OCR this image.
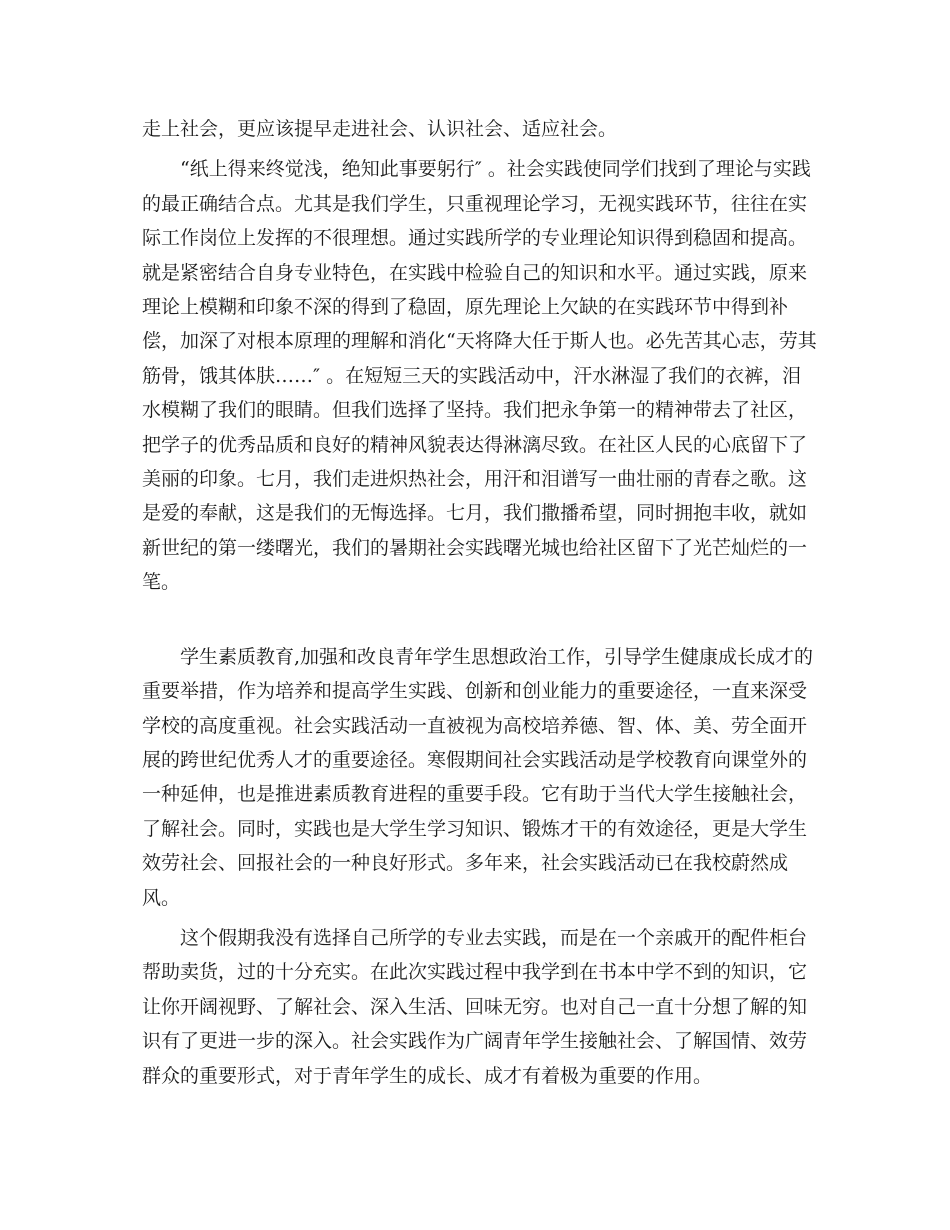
走上社会，更应该提早走进社会、认识社会、适应社会。
“纸上得来终觉浅，绝知此事要躬行″ 。社会实践使同学们找到了理论与实践
的最正确结合点。尤其是我们学生，只重视理论学习，无视实践环节，往往在实
际工作岗位上发挥的不很理想。通过实践所学的专业理论知识得到稳固和提高。
就是紧密结合自身专业特色，在实践中检验自己的知识和水平。通过实践，原来
理论上模糊和印象不深的得到了稳固，原先理论上欠缺的在实践环节中得到补
偿，加深了对根本原理的理解和消化“天将降大任于斯人也。必先苦其心志，劳其
筋骨，饿其体肤……″ 。在短短三天的实践活动中，汗水淋湿了我们的衣裤，泪
水模糊了我们的眼睛。但我们选择了坚持。我们把永争第一的精神带去了社区，
把学子的优秀品质和良好的精神风貌表达得淋漓尽致。在社区人民的心底留下了
美丽的印象。七月，我们走进炽热社会，用汗和泪谱写一曲壮丽的青春之歌。这
是爱的奉献，这是我们的无悔选择。七月，我们撒播希望，同时拥抱丰收，就如
新世纪的第一缕曙光，我们的暑期社会实践曙光城也给社区留下了光芒灿烂的一
笔。
学生素质教育,加强和改良青年学生思想政治工作，引导学生健康成长成才的
重要举措，作为培养和提高学生实践、创新和创业能力的重要途径，一直来深受
学校的高度重视。社会实践活动一直被视为高校培养德、智、体、美、劳全面开
展的跨世纪优秀人才的重要途径。寒假期间社会实践活动是学校教育向课堂外的
一种延伸，也是推进素质教育进程的重要手段。它有助于当代大学生接触社会，
了解社会。同时，实践也是大学生学习知识、锻炼才干的有效途径，更是大学生
效劳社会、回报社会的一种良好形式。多年来，社会实践活动已在我校蔚然成
风。
这个假期我没有选择自己所学的专业去实践，而是在一个亲戚开的配件柜台
帮助卖货，过的十分充实。在此次实践过程中我学到在书本中学不到的知识，它
让你开阔视野、了解社会、深入生活、回味无穷。也对自己一直十分想了解的知
识有了更进一步的深入。社会实践作为广阔青年学生接触社会、了解国情、效劳
群众的重要形式，对于青年学生的成长、成才有着极为重要的作用。
